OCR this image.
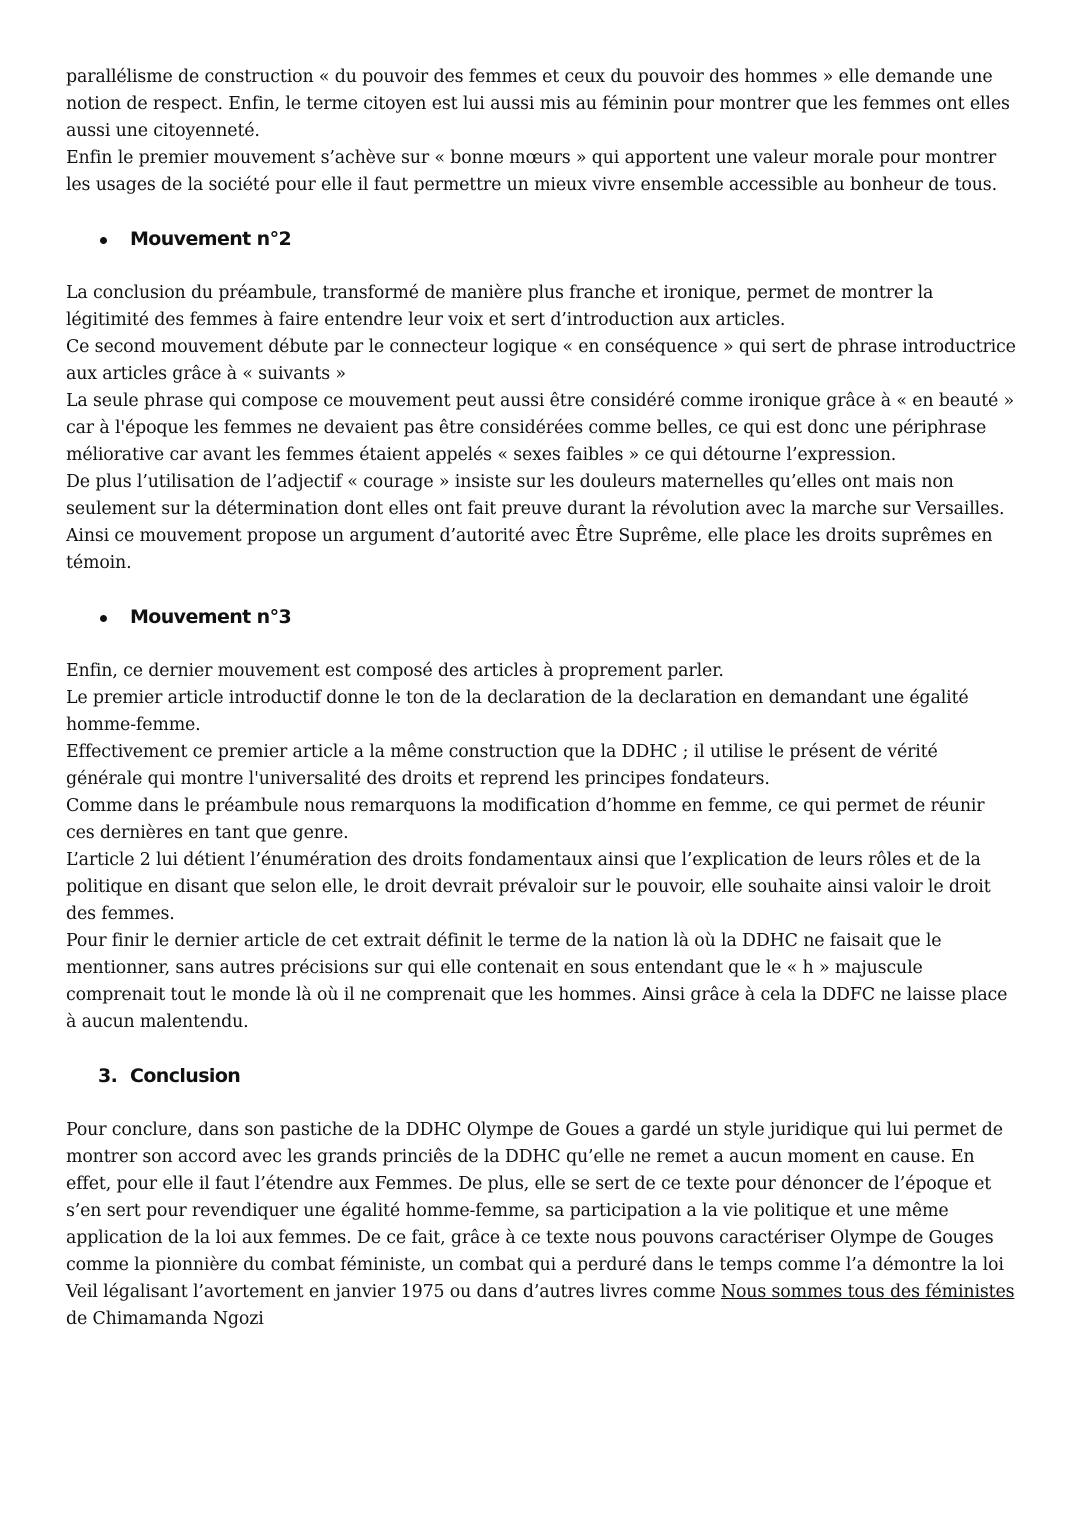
parallélisme de construction « du pouvoir des femmes et ceux du pouvoir des hommes » elle demande une notion de respect. Enfin, le terme citoyen est lui aussi mis au féminin pour montrer que les femmes ont elles aussi une citoyenneté.

Enfin le premier mouvement s’achève sur « bonne mœurs » qui apportent une valeur morale pour montrer les usages de la société pour elle il faut permettre un mieux vivre ensemble accessible au bonheur de tous.

Mouvement n°2

La conclusion du préambule, transformé de manière plus franche et ironique, permet de montrer la légitimité des femmes à faire entendre leur voix et sert d’introduction aux articles.

Ce second mouvement débute par le connecteur logique « en conséquence » qui sert de phrase introductrice aux articles grâce à « suivants »

La seule phrase qui compose ce mouvement peut aussi être considéré comme ironique grâce à « en beauté » car à l'époque les femmes ne devaient pas être considérées comme belles, ce qui est donc une périphrase méliorative car avant les femmes étaient appelés « sexes faibles » ce qui détourne l’expression.

De plus l’utilisation de l’adjectif « courage » insiste sur les douleurs maternelles qu’elles ont mais non seulement sur la détermination dont elles ont fait preuve durant la révolution avec la marche sur Versailles.

Ainsi ce mouvement propose un argument d’autorité avec Être Suprême, elle place les droits suprêmes en témoin.

Mouvement n°3

Enfin, ce dernier mouvement est composé des articles à proprement parler.

Le premier article introductif donne le ton de la declaration de la declaration en demandant une égalité homme-femme.

Effectivement ce premier article a la même construction que la DDHC ; il utilise le présent de vérité générale qui montre l'universalité des droits et reprend les principes fondateurs.

Comme dans le préambule nous remarquons la modification d’homme en femme, ce qui permet de réunir ces dernières en tant que genre.

L’article 2 lui détient l’énumération des droits fondamentaux ainsi que l’explication de leurs rôles et de la politique en disant que selon elle, le droit devrait prévaloir sur le pouvoir, elle souhaite ainsi valoir le droit des femmes.

Pour finir le dernier article de cet extrait définit le terme de la nation là où la DDHC ne faisait que le mentionner, sans autres précisions sur qui elle contenait en sous entendant que le « h » majuscule comprenait tout le monde là où il ne comprenait que les hommes. Ainsi grâce à cela la DDFC ne laisse place à aucun malentendu.

3. Conclusion

Pour conclure, dans son pastiche de la DDHC Olympe de Goues a gardé un style juridique qui lui permet de montrer son accord avec les grands princiês de la DDHC qu’elle ne remet a aucun moment en cause. En effet, pour elle il faut l’étendre aux Femmes. De plus, elle se sert de ce texte pour dénoncer de l’époque et s’en sert pour revendiquer une égalité homme-femme, sa participation a la vie politique et une même application de la loi aux femmes. De ce fait, grâce à ce texte nous pouvons caractériser Olympe de Gouges comme la pionnière du combat féministe, un combat qui a perduré dans le temps comme l’a démontre la loi Veil légalisant l’avortement en janvier 1975 ou dans d’autres livres comme Nous sommes tous des féministes de Chimamanda Ngozi
